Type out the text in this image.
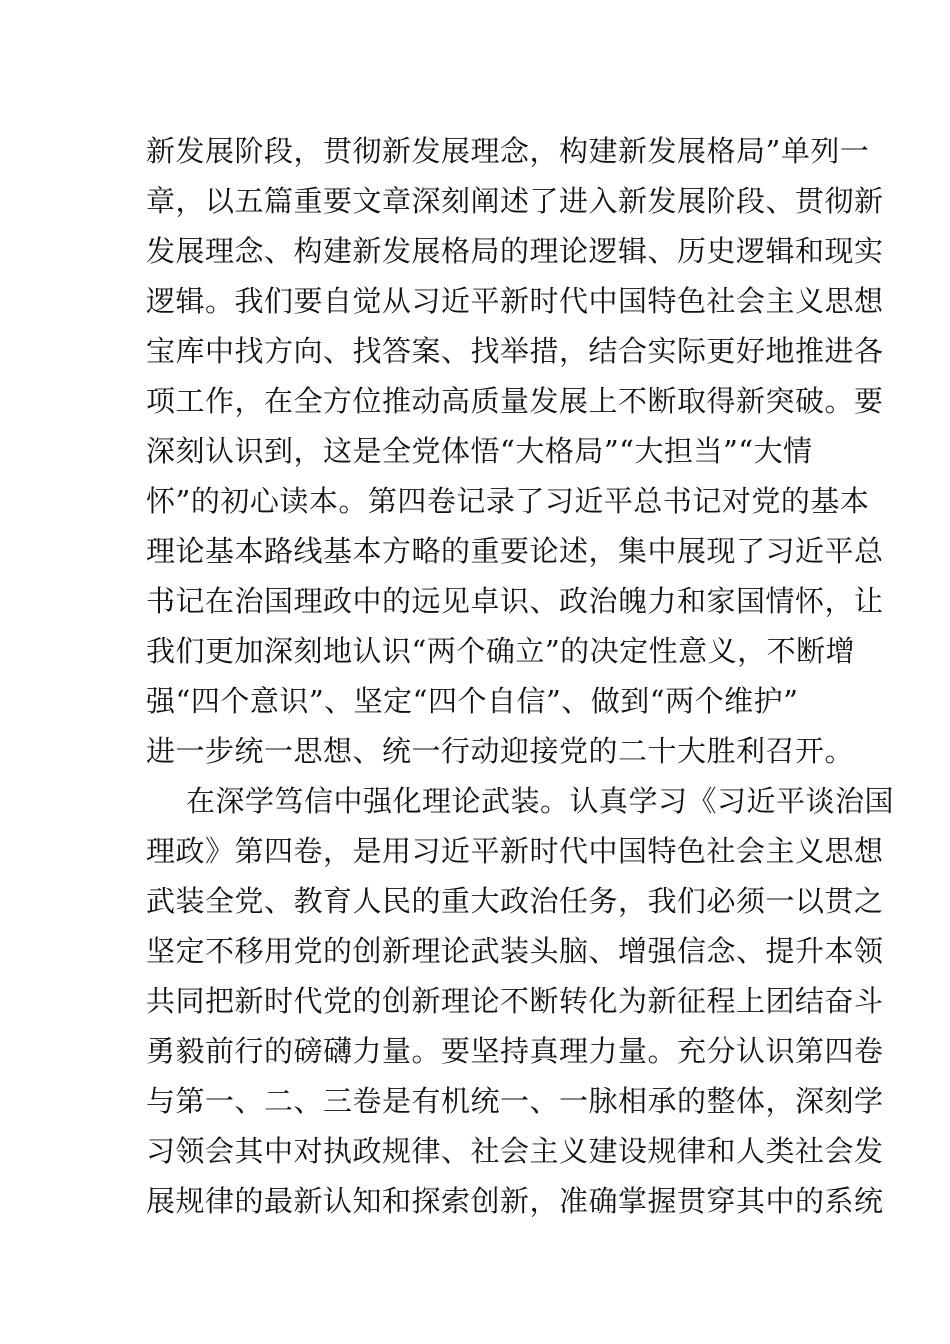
新发展阶段，贯彻新发展理念，构建新发展格局”单列一
章，以五篇重要文章深刻阐述了进入新发展阶段、贯彻新
发展理念、构建新发展格局的理论逻辑、历史逻辑和现实
逻辑。我们要自觉从习近平新时代中国特色社会主义思想
宝库中找方向、找答案、找举措，结合实际更好地推进各
项工作，在全方位推动高质量发展上不断取得新突破。要
深刻认识到，这是全党体悟“大格局”“大担当”“大情
怀”的初心读本。第四卷记录了习近平总书记对党的基本
理论基本路线基本方略的重要论述，集中展现了习近平总
书记在治国理政中的远见卓识、政治魄力和家国情怀，让
我们更加深刻地认识“两个确立”的决定性意义，不断增
强“四个意识”、坚定“四个自信”、做到“两个维护”
进一步统一思想、统一行动迎接党的二十大胜利召开。
在深学笃信中强化理论武装。认真学习《习近平谈治国
理政》第四卷，是用习近平新时代中国特色社会主义思想
武装全党、教育人民的重大政治任务，我们必须一以贯之
坚定不移用党的创新理论武装头脑、增强信念、提升本领
共同把新时代党的创新理论不断转化为新征程上团结奋斗
勇毅前行的磅礴力量。要坚持真理力量。充分认识第四卷
与第一、二、三卷是有机统一、一脉相承的整体，深刻学
习领会其中对执政规律、社会主义建设规律和人类社会发
展规律的最新认知和探索创新，准确掌握贯穿其中的系统
